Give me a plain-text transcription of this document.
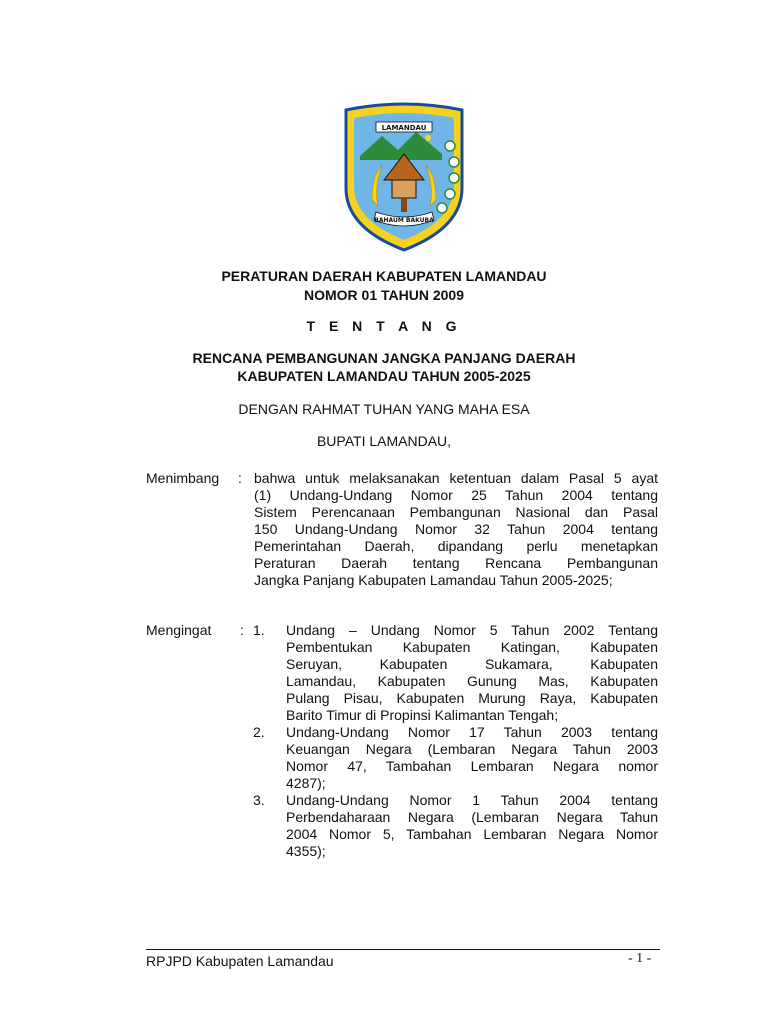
LAMANDAU
BAHAUM BAKUBA
PERATURAN DAERAH KABUPATEN LAMANDAU
NOMOR 01 TAHUN 2009
T E N T A N G
RENCANA PEMBANGUNAN JANGKA PANJANG DAERAH
KABUPATEN LAMANDAU TAHUN 2005-2025
DENGAN RAHMAT TUHAN YANG MAHA ESA
BUPATI LAMANDAU,
Menimbang : bahwa untuk melaksanakan ketentuan dalam Pasal 5 ayat
(1) Undang-Undang Nomor 25 Tahun 2004 tentang
Sistem Perencanaan Pembangunan Nasional dan Pasal
150 Undang-Undang Nomor 32 Tahun 2004 tentang
Pemerintahan Daerah, dipandang perlu menetapkan
Peraturan Daerah tentang Rencana Pembangunan
Jangka Panjang Kabupaten Lamandau Tahun 2005-2025;
Mengingat : 1. Undang – Undang Nomor 5 Tahun 2002 Tentang
Pembentukan Kabupaten Katingan, Kabupaten
Seruyan, Kabupaten Sukamara, Kabupaten
Lamandau, Kabupaten Gunung Mas, Kabupaten
Pulang Pisau, Kabupaten Murung Raya, Kabupaten
Barito Timur di Propinsi Kalimantan Tengah;
2. Undang-Undang Nomor 17 Tahun 2003 tentang
Keuangan Negara (Lembaran Negara Tahun 2003
Nomor 47, Tambahan Lembaran Negara nomor
4287);
3. Undang-Undang Nomor 1 Tahun 2004 tentang
Perbendaharaan Negara (Lembaran Negara Tahun
2004 Nomor 5, Tambahan Lembaran Negara Nomor
4355);
RPJPD Kabupaten Lamandau	- 1 -
